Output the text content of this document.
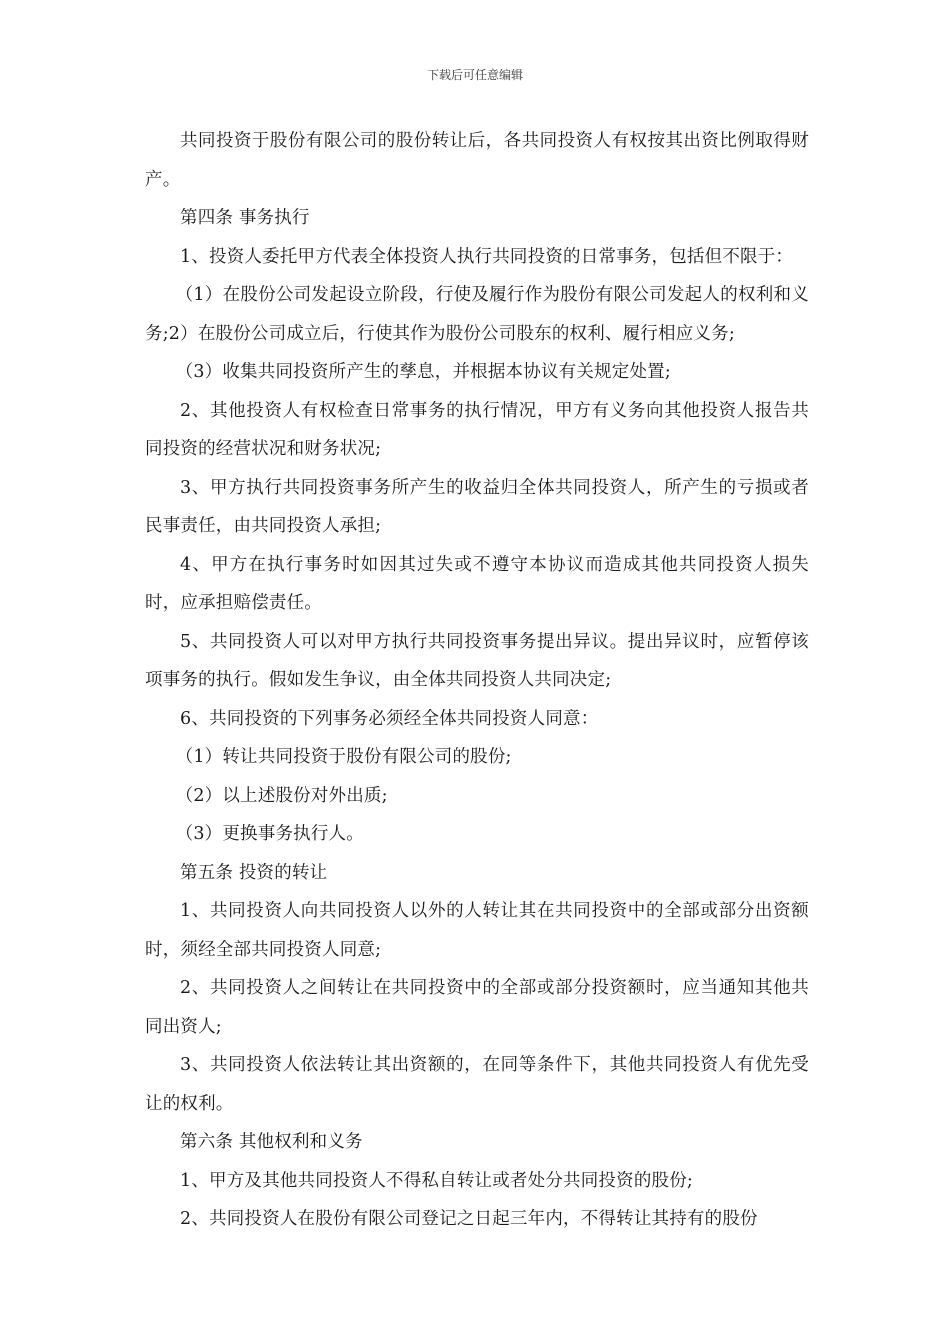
下载后可任意编辑

共同投资于股份有限公司的股份转让后，各共同投资人有权按其出资比例取得财产。

第四条 事务执行

1、投资人委托甲方代表全体投资人执行共同投资的日常事务，包括但不限于：

（1）在股份公司发起设立阶段，行使及履行作为股份有限公司发起人的权利和义务;2）在股份公司成立后，行使其作为股份公司股东的权利、履行相应义务;

（3）收集共同投资所产生的孳息，并根据本协议有关规定处置;

2、其他投资人有权检查日常事务的执行情况，甲方有义务向其他投资人报告共同投资的经营状况和财务状况;

3、甲方执行共同投资事务所产生的收益归全体共同投资人，所产生的亏损或者民事责任，由共同投资人承担;

4、甲方在执行事务时如因其过失或不遵守本协议而造成其他共同投资人损失时，应承担赔偿责任。

5、共同投资人可以对甲方执行共同投资事务提出异议。提出异议时，应暂停该项事务的执行。假如发生争议，由全体共同投资人共同决定;

6、共同投资的下列事务必须经全体共同投资人同意：

（1）转让共同投资于股份有限公司的股份;

（2）以上述股份对外出质;

（3）更换事务执行人。

第五条 投资的转让

1、共同投资人向共同投资人以外的人转让其在共同投资中的全部或部分出资额时，须经全部共同投资人同意;

2、共同投资人之间转让在共同投资中的全部或部分投资额时，应当通知其他共同出资人;

3、共同投资人依法转让其出资额的，在同等条件下，其他共同投资人有优先受让的权利。

第六条 其他权利和义务

1、甲方及其他共同投资人不得私自转让或者处分共同投资的股份;

2、共同投资人在股份有限公司登记之日起三年内，不得转让其持有的股份
